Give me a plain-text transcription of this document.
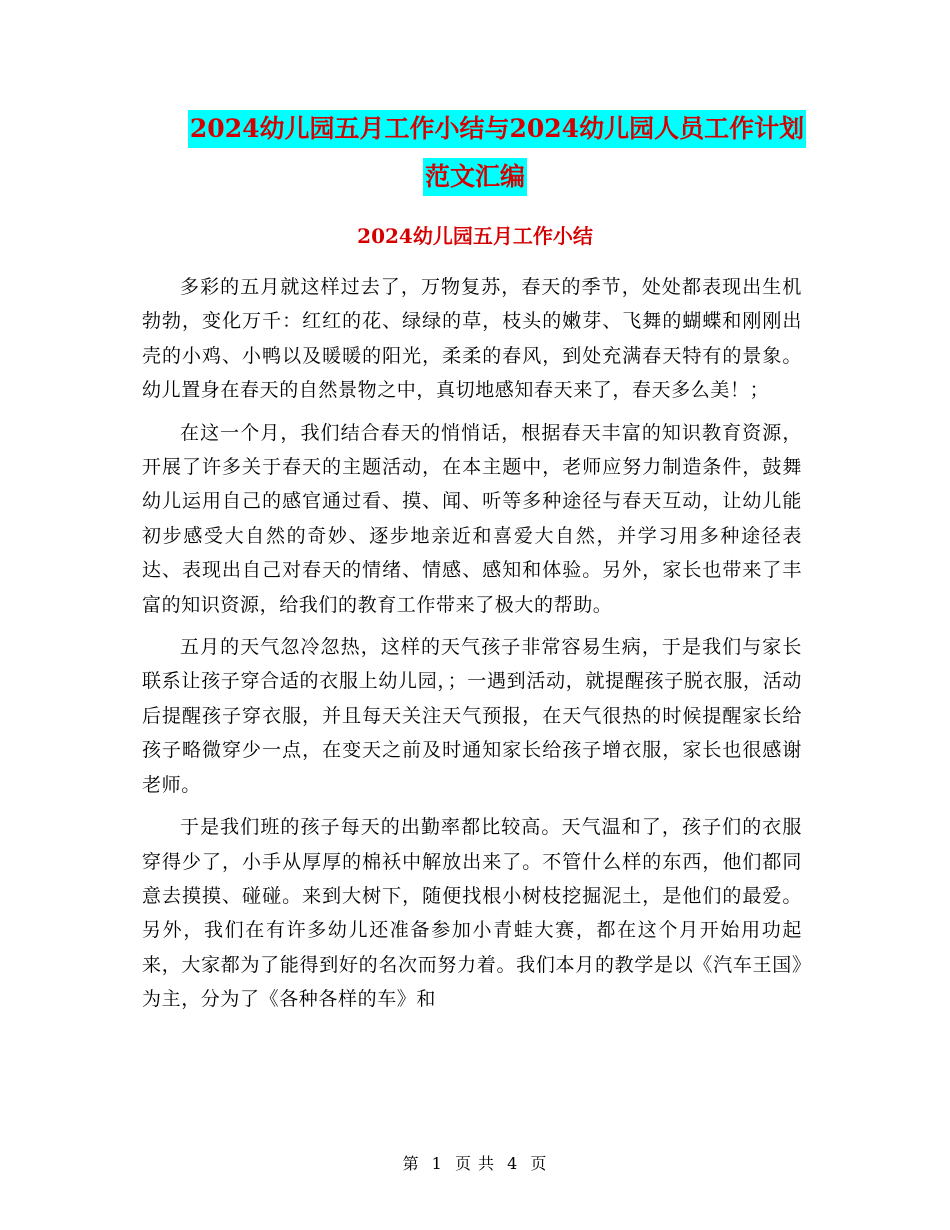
2024幼儿园五月工作小结与2024幼儿园人员工作计划
范文汇编
2024幼儿园五月工作小结

多彩的五月就这样过去了，万物复苏，春天的季节，处处都表现出生机勃勃，变化万千：红红的花、绿绿的草，枝头的嫩芽、飞舞的蝴蝶和刚刚出壳的小鸡、小鸭以及暖暖的阳光，柔柔的春风，到处充满春天特有的景象。幼儿置身在春天的自然景物之中，真切地感知春天来了，春天多么美！；

在这一个月，我们结合春天的悄悄话，根据春天丰富的知识教育资源，开展了许多关于春天的主题活动，在本主题中，老师应努力制造条件，鼓舞幼儿运用自己的感官通过看、摸、闻、听等多种途径与春天互动，让幼儿能初步感受大自然的奇妙、逐步地亲近和喜爱大自然，并学习用多种途径表达、表现出自己对春天的情绪、情感、感知和体验。另外，家长也带来了丰富的知识资源，给我们的教育工作带来了极大的帮助。

五月的天气忽冷忽热，这样的天气孩子非常容易生病，于是我们与家长联系让孩子穿合适的衣服上幼儿园，；一遇到活动，就提醒孩子脱衣服，活动后提醒孩子穿衣服，并且每天关注天气预报，在天气很热的时候提醒家长给孩子略微穿少一点，在变天之前及时通知家长给孩子增衣服，家长也很感谢老师。

于是我们班的孩子每天的出勤率都比较高。天气温和了，孩子们的衣服穿得少了，小手从厚厚的棉袄中解放出来了。不管什么样的东西，他们都同意去摸摸、碰碰。来到大树下，随便找根小树枝挖掘泥土，是他们的最爱。另外，我们在有许多幼儿还准备参加小青蛙大赛，都在这个月开始用功起来，大家都为了能得到好的名次而努力着。我们本月的教学是以《汽车王国》为主，分为了《各种各样的车》和

第 1 页 共 4 页
